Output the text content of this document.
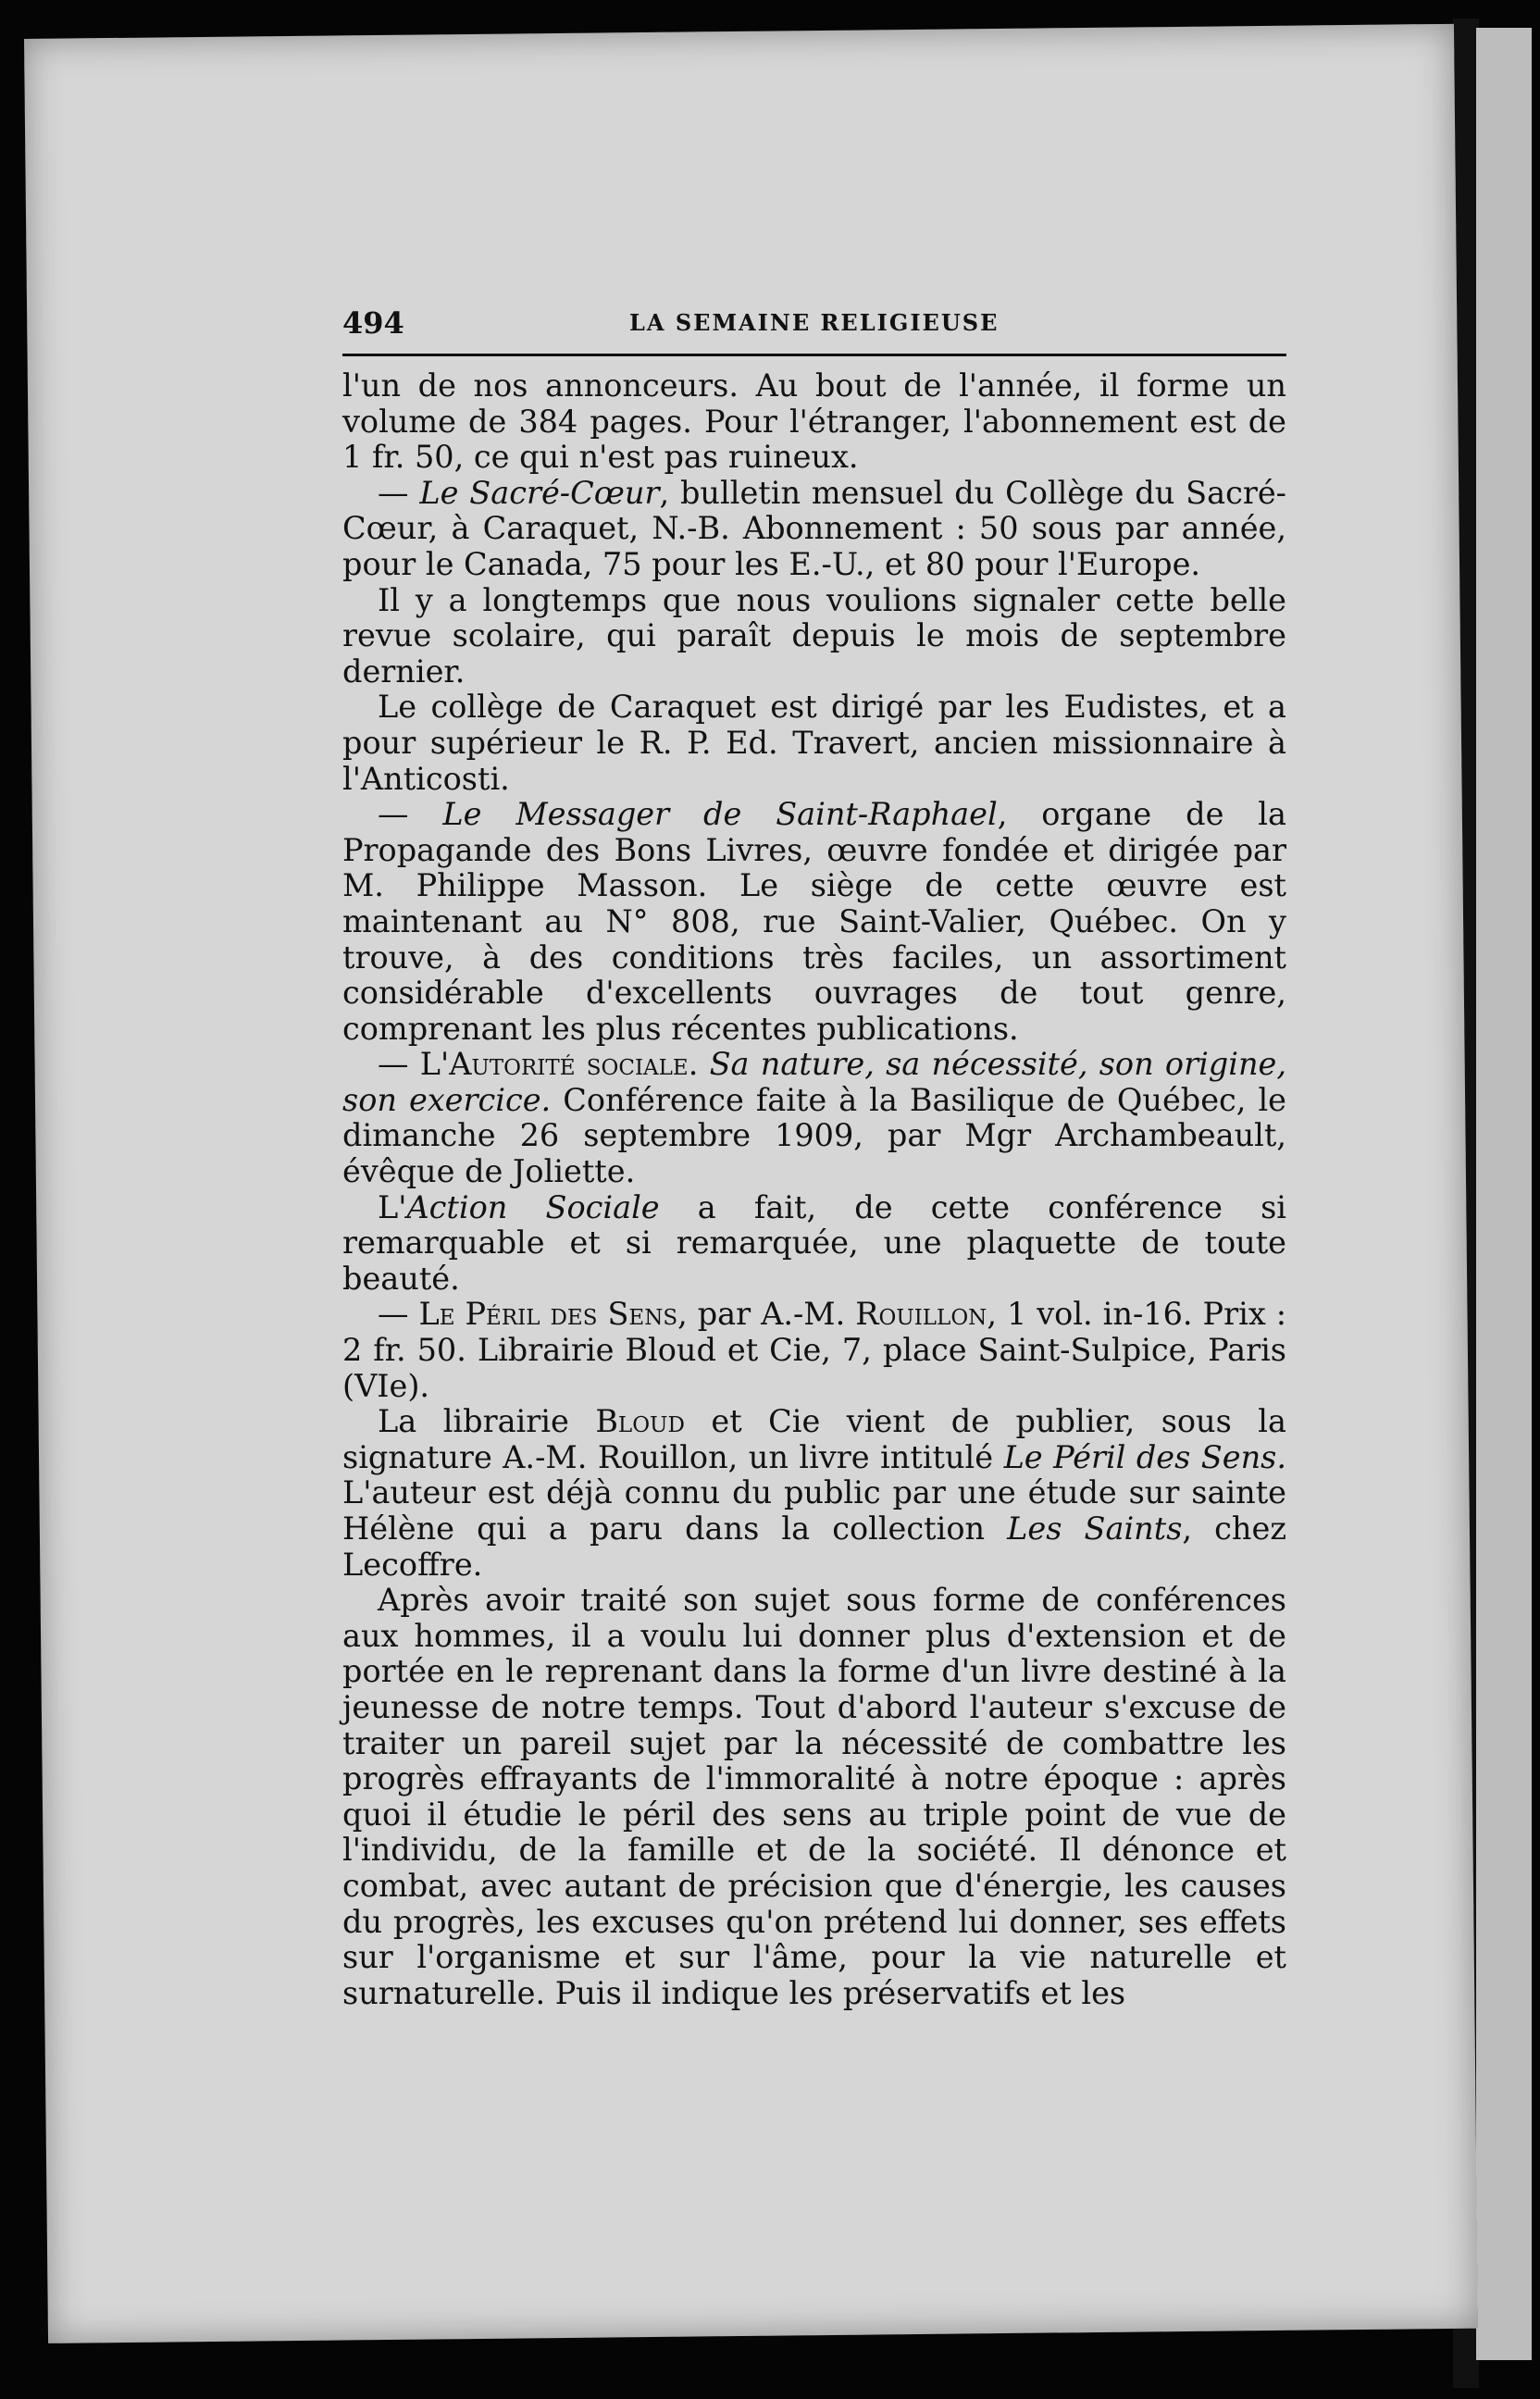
494	LA SEMAINE RELIGIEUSE

l'un de nos annonceurs. Au bout de l'année, il forme un volume de 384 pages. Pour l'étranger, l'abonnement est de 1 fr. 50, ce qui n'est pas ruineux.

— Le Sacré-Cœur, bulletin mensuel du Collège du Sacré-Cœur, à Caraquet, N.-B. Abonnement : 50 sous par année, pour le Canada, 75 pour les E.-U., et 80 pour l'Europe.

Il y a longtemps que nous voulions signaler cette belle revue scolaire, qui paraît depuis le mois de septembre dernier.

Le collège de Caraquet est dirigé par les Eudistes, et a pour supérieur le R. P. Ed. Travert, ancien missionnaire à l'Anticosti.

— Le Messager de Saint-Raphael, organe de la Propagande des Bons Livres, œuvre fondée et dirigée par M. Philippe Masson. Le siège de cette œuvre est maintenant au N° 808, rue Saint-Valier, Québec. On y trouve, à des conditions très faciles, un assortiment considérable d'excellents ouvrages de tout genre, comprenant les plus récentes publications.

— L'Autorité sociale. Sa nature, sa nécessité, son origine, son exercice. Conférence faite à la Basilique de Québec, le dimanche 26 septembre 1909, par Mgr Archambeault, évêque de Joliette.

L'Action Sociale a fait, de cette conférence si remarquable et si remarquée, une plaquette de toute beauté.

— Le Péril des Sens, par A.-M. Rouillon, 1 vol. in-16. Prix : 2 fr. 50. Librairie Bloud et Cie, 7, place Saint-Sulpice, Paris (VIe).

La librairie Bloud et Cie vient de publier, sous la signature A.-M. Rouillon, un livre intitulé Le Péril des Sens. L'auteur est déjà connu du public par une étude sur sainte Hélène qui a paru dans la collection Les Saints, chez Lecoffre.

Après avoir traité son sujet sous forme de conférences aux hommes, il a voulu lui donner plus d'extension et de portée en le reprenant dans la forme d'un livre destiné à la jeunesse de notre temps. Tout d'abord l'auteur s'excuse de traiter un pareil sujet par la nécessité de combattre les progrès effrayants de l'immoralité à notre époque : après quoi il étudie le péril des sens au triple point de vue de l'individu, de la famille et de la société. Il dénonce et combat, avec autant de précision que d'énergie, les causes du progrès, les excuses qu'on prétend lui donner, ses effets sur l'organisme et sur l'âme, pour la vie naturelle et surnaturelle. Puis il indique les préservatifs et les
